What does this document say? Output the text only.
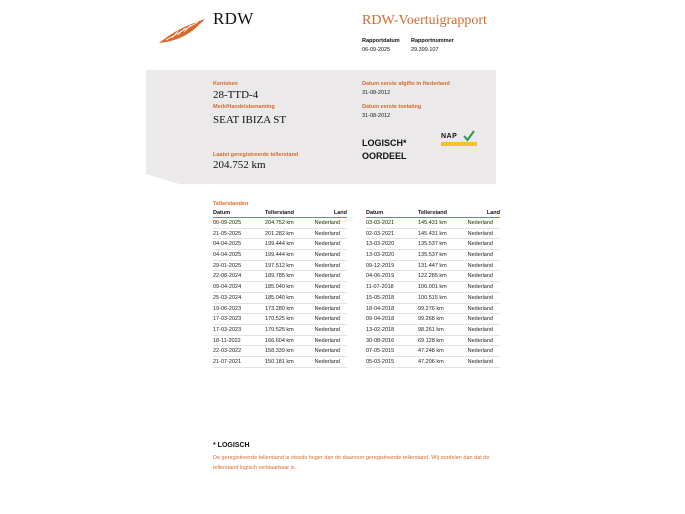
RDW	RDW-Voertuigrapport
Rapportdatum
06-09-2025
Rapportnummer
29.399.107
Kenteken
28-TTD-4
Merk/Handelsbenaming
SEAT IBIZA ST
Laatst geregistreerde tellerstand
204.752 km
Datum eerste afgifte in Nederland
31-08-2012
Datum eerste toelating
31-08-2012
LOGISCH*
OORDEEL
NAP
Tellerstanden
Datum	Tellerstand	Land
06-09-2025	204.752 km	Nederland
21-05-2025	201.282 km	Nederland
04-04-2025	199.444 km	Nederland
04-04-2025	199.444 km	Nederland
29-01-2025	197.512 km	Nederland
22-08-2024	189.785 km	Nederland
09-04-2024	185.040 km	Nederland
25-03-2024	185.040 km	Nederland
19-06-2023	173.280 km	Nederland
17-03-2023	170.525 km	Nederland
17-03-2023	170.525 km	Nederland
18-11-2022	166.604 km	Nederland
22-03-2022	158.339 km	Nederland
21-07-2021	150.181 km	Nederland
Datum	Tellerstand	Land
03-03-2021	145.431 km	Nederland
02-03-2021	145.431 km	Nederland
13-03-2020	135.537 km	Nederland
13-03-2020	135.537 km	Nederland
09-12-2019	131.447 km	Nederland
04-06-2019	122.285 km	Nederland
11-07-2018	106.001 km	Nederland
15-05-2018	100.515 km	Nederland
18-04-2018	99.276 km	Nederland
09-04-2018	99.268 km	Nederland
13-02-2018	98.261 km	Nederland
30-08-2016	69.128 km	Nederland
07-05-2015	47.248 km	Nederland
05-03-2015	47.206 km	Nederland
* LOGISCH
De geregistreerde tellerstand is steeds hoger dan de daarvoor geregistreerde tellerstand. Wij oordelen dan dat de tellerstand logisch verklaarbaar is.
